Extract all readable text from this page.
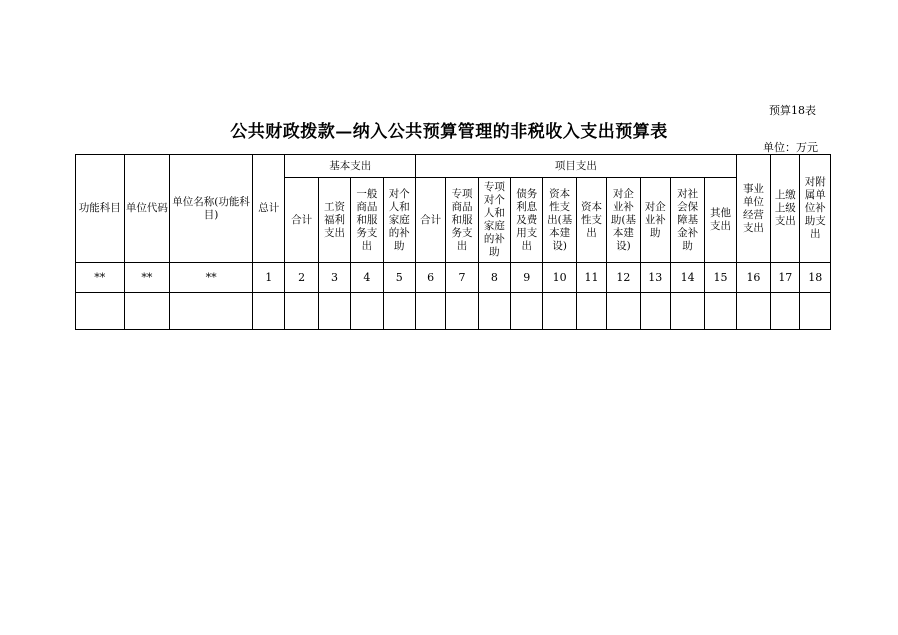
预算18表
公共财政拨款—纳入公共预算管理的非税收入支出预算表
单位：万元
功能科目	单位代码	单位名称(功能科目)	总计	基本支出				项目支出										事业单位经营支出	上缴上级支出	对附属单位补助支出
				合计	工资福利支出	一般商品和服务支出	对个人和家庭的补助	合计	专项商品和服务支出	专项对个人和家庭的补助	债务利息及费用支出	资本性支出(基本建设)	资本性支出	对企业补助(基本建设)	对企业补助	对社会保障基金补助	其他支出			
**	**	**	1	2	3	4	5	6	7	8	9	10	11	12	13	14	15	16	17	18
